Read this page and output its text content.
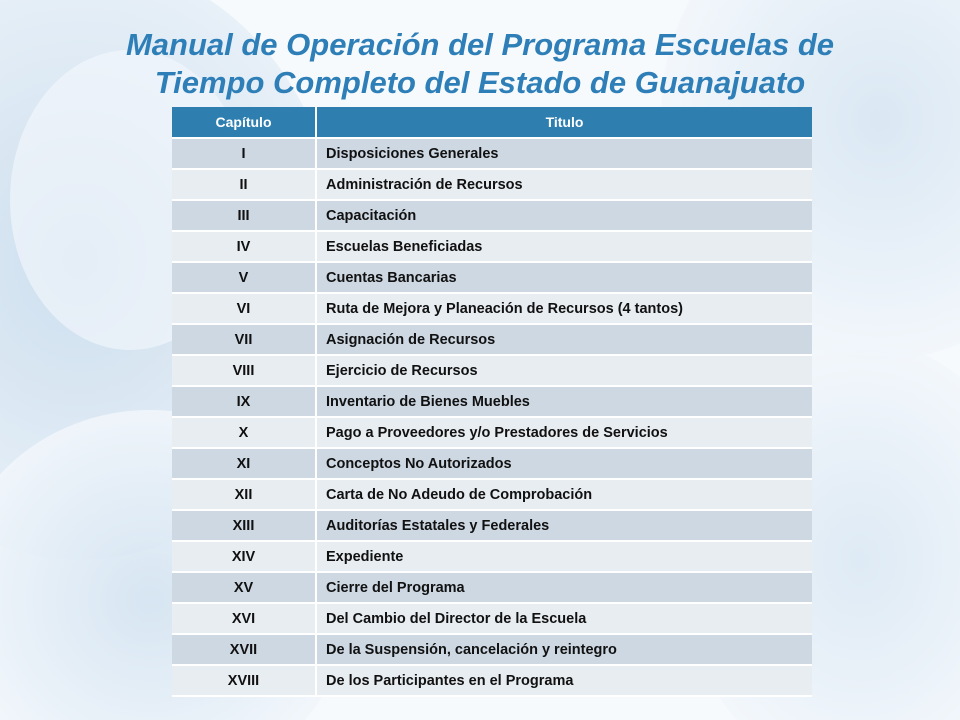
Manual de Operación del Programa Escuelas de
Tiempo Completo del Estado de Guanajuato
Capítulo	Titulo
I	Disposiciones Generales
II	Administración de Recursos
III	Capacitación
IV	Escuelas Beneficiadas
V	Cuentas Bancarias
VI	Ruta de Mejora y Planeación de Recursos (4 tantos)
VII	Asignación de Recursos
VIII	Ejercicio de Recursos
IX	Inventario de Bienes Muebles
X	Pago a Proveedores y/o Prestadores de Servicios
XI	Conceptos No Autorizados
XII	Carta de No Adeudo de Comprobación
XIII	Auditorías Estatales y Federales
XIV	Expediente
XV	Cierre del Programa
XVI	Del Cambio del Director de la Escuela
XVII	De la Suspensión, cancelación y reintegro
XVIII	De los Participantes en el Programa
